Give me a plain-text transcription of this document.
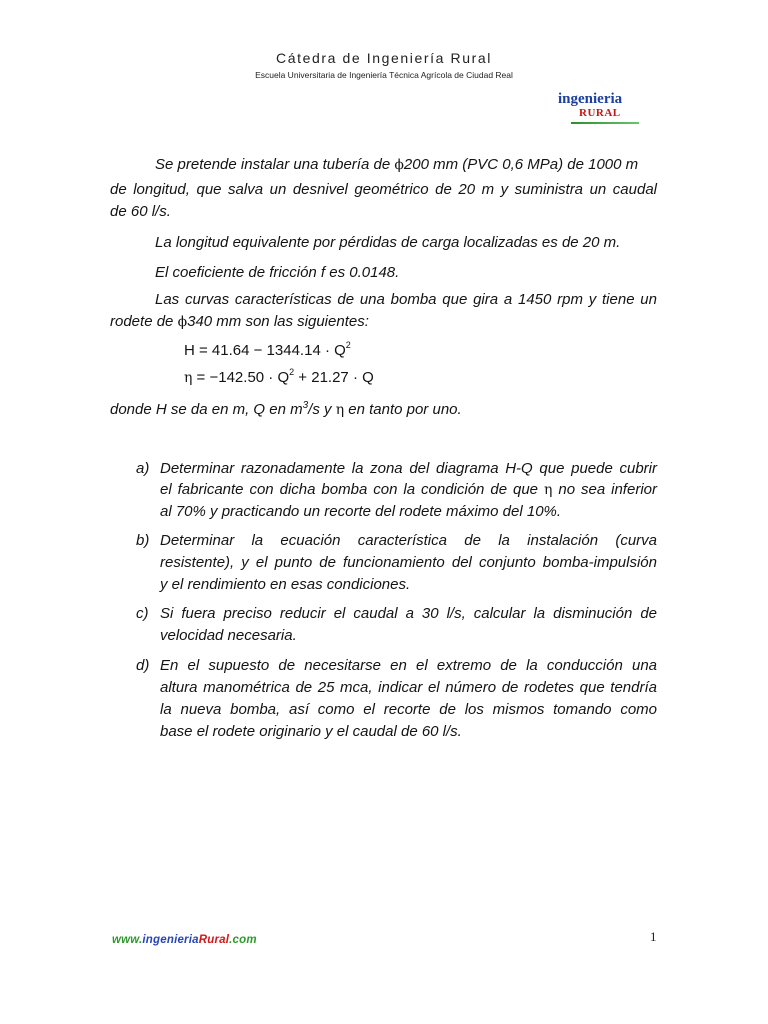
Cátedra de Ingeniería Rural
Escuela Universitaria de Ingeniería Técnica Agrícola de Ciudad Real
ingenieria
RURAL
Se pretende instalar una tubería de ϕ200 mm (PVC 0,6 MPa) de 1000 m
de longitud, que salva un desnivel geométrico de 20 m y suministra un caudal
de 60 l/s.
La longitud equivalente por pérdidas de carga localizadas es de 20 m.
El coeficiente de fricción f es 0.0148.
Las curvas características de una bomba que gira a 1450 rpm y tiene un
rodete de ϕ340 mm son las siguientes:
$H = 41.64 - 1344.14 \cdot Q^2$
$\eta = -142.50 \cdot Q^2 + 21.27 \cdot Q$
donde H se da en m, Q en $m^3/s$ y η en tanto por uno.
a) Determinar razonadamente la zona del diagrama H-Q que puede cubrir
el fabricante con dicha bomba con la condición de que η no sea inferior
al 70% y practicando un recorte del rodete máximo del 10%.
b) Determinar la ecuación característica de la instalación (curva
resistente), y el punto de funcionamiento del conjunto bomba-impulsión
y el rendimiento en esas condiciones.
c) Si fuera preciso reducir el caudal a 30 l/s, calcular la disminución de
velocidad necesaria.
d) En el supuesto de necesitarse en el extremo de la conducción una
altura manométrica de 25 mca, indicar el número de rodetes que tendría
la nueva bomba, así como el recorte de los mismos tomando como
base el rodete originario y el caudal de 60 l/s.
www.ingenieriaRural.com	1
